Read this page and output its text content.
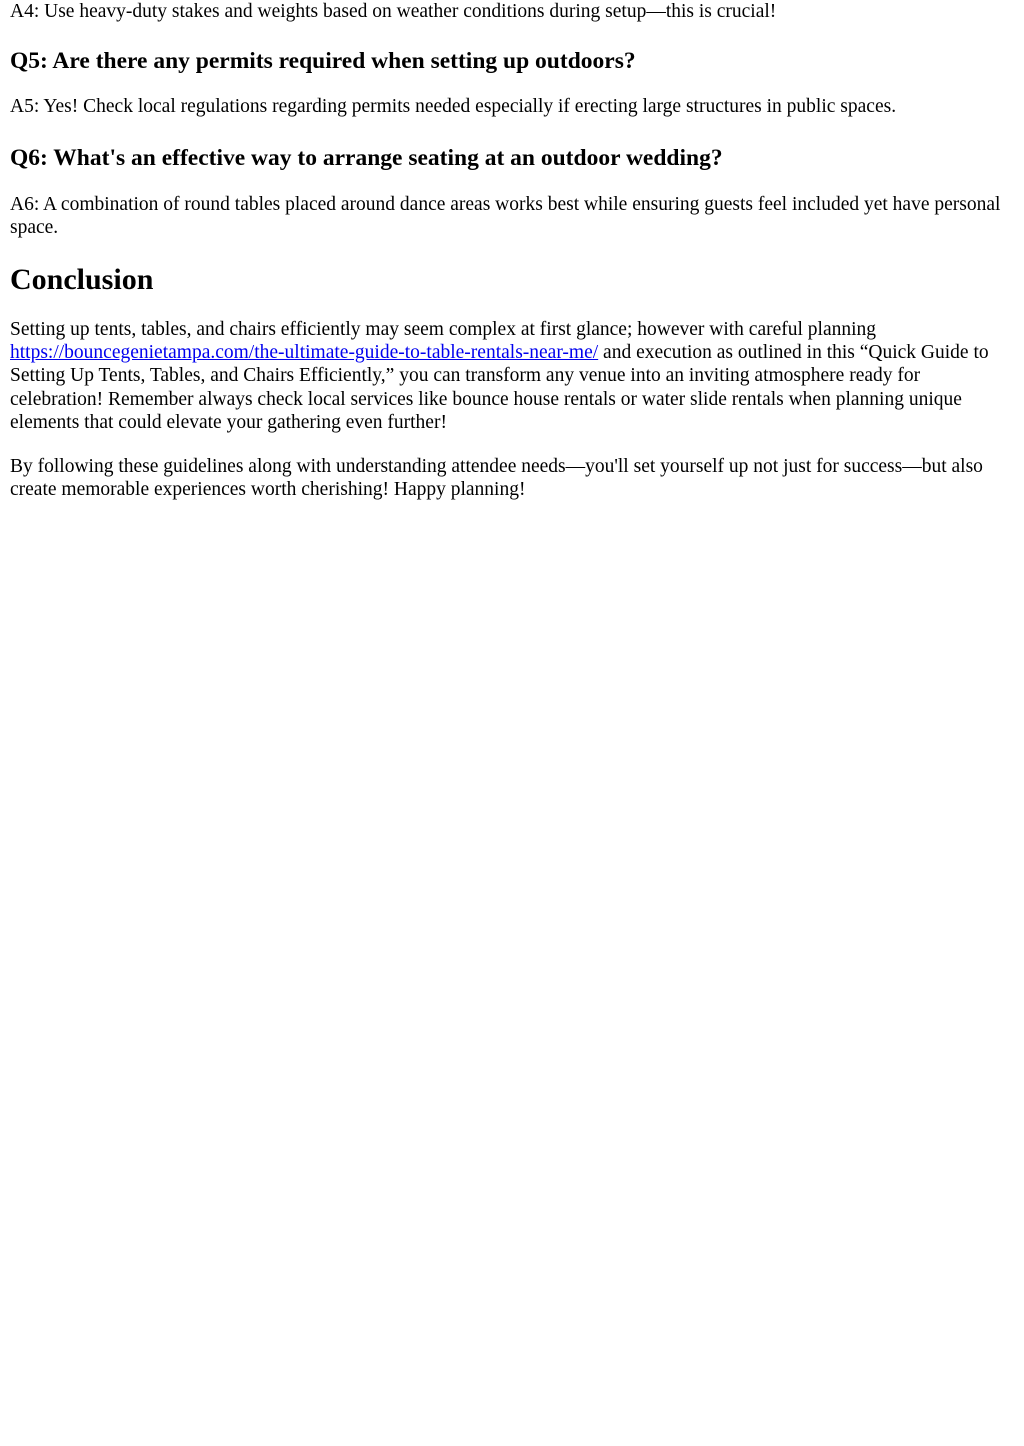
A4: Use heavy-duty stakes and weights based on weather conditions during setup—this is crucial!

Q5: Are there any permits required when setting up outdoors?

A5: Yes! Check local regulations regarding permits needed especially if erecting large structures in public spaces.

Q6: What's an effective way to arrange seating at an outdoor wedding?

A6: A combination of round tables placed around dance areas works best while ensuring guests feel included yet have personal space.

Conclusion

Setting up tents, tables, and chairs efficiently may seem complex at first glance; however with careful planning https://bouncegenietampa.com/the-ultimate-guide-to-table-rentals-near-me/ and execution as outlined in this “Quick Guide to Setting Up Tents, Tables, and Chairs Efficiently,” you can transform any venue into an inviting atmosphere ready for celebration! Remember always check local services like bounce house rentals or water slide rentals when planning unique elements that could elevate your gathering even further!

By following these guidelines along with understanding attendee needs—you'll set yourself up not just for success—but also create memorable experiences worth cherishing! Happy planning!
